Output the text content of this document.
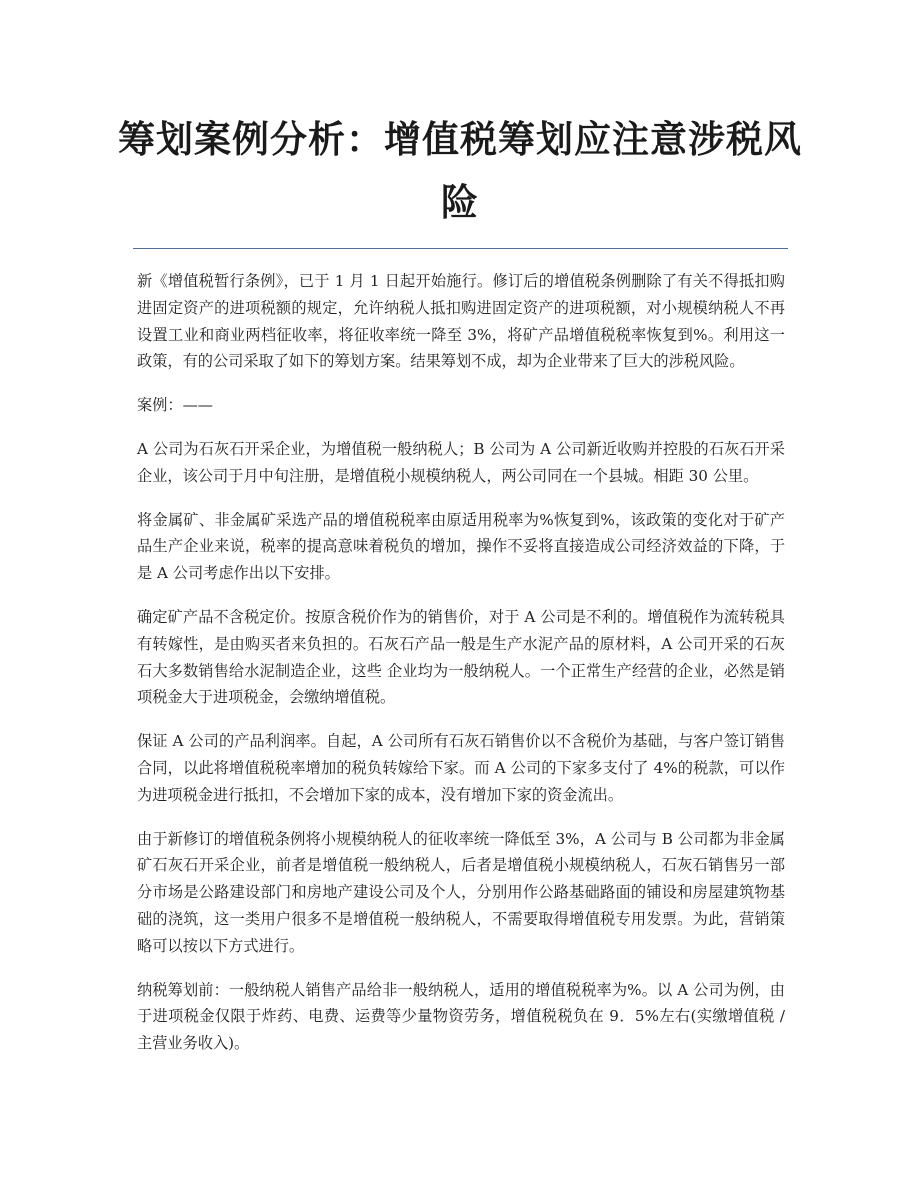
筹划案例分析：增值税筹划应注意涉税风险

新《增值税暂行条例》，已于 1 月 1 日起开始施行。修订后的增值税条例删除了有关不得抵扣购进固定资产的进项税额的规定，允许纳税人抵扣购进固定资产的进项税额，对小规模纳税人不再设置工业和商业两档征收率，将征收率统一降至 3%，将矿产品增值税税率恢复到%。利用这一政策，有的公司采取了如下的筹划方案。结果筹划不成，却为企业带来了巨大的涉税风险。

案例：——

A 公司为石灰石开采企业，为增值税一般纳税人；B 公司为 A 公司新近收购并控股的石灰石开采企业，该公司于月中旬注册，是增值税小规模纳税人，两公司同在一个县城。相距 30 公里。

将金属矿、非金属矿采选产品的增值税税率由原适用税率为%恢复到%，该政策的变化对于矿产品生产企业来说，税率的提高意味着税负的增加，操作不妥将直接造成公司经济效益的下降，于是 A 公司考虑作出以下安排。

确定矿产品不含税定价。按原含税价作为的销售价，对于 A 公司是不利的。增值税作为流转税具有转嫁性，是由购买者来负担的。石灰石产品一般是生产水泥产品的原材料，A 公司开采的石灰石大多数销售给水泥制造企业，这些 企业均为一般纳税人。一个正常生产经营的企业，必然是销项税金大于进项税金，会缴纳增值税。

保证 A 公司的产品利润率。自起，A 公司所有石灰石销售价以不含税价为基础，与客户签订销售合同，以此将增值税税率增加的税负转嫁给下家。而 A 公司的下家多支付了 4%的税款，可以作为进项税金进行抵扣，不会增加下家的成本，没有增加下家的资金流出。

由于新修订的增值税条例将小规模纳税人的征收率统一降低至 3%，A 公司与 B 公司都为非金属矿石灰石开采企业，前者是增值税一般纳税人，后者是增值税小规模纳税人，石灰石销售另一部分市场是公路建设部门和房地产建设公司及个人，分别用作公路基础路面的铺设和房屋建筑物基础的浇筑，这一类用户很多不是增值税一般纳税人，不需要取得增值税专用发票。为此，营销策略可以按以下方式进行。

纳税筹划前：一般纳税人销售产品给非一般纳税人，适用的增值税税率为%。以 A 公司为例，由于进项税金仅限于炸药、电费、运费等少量物资劳务，增值税税负在 9．5%左右(实缴增值税 / 主营业务收入)。
